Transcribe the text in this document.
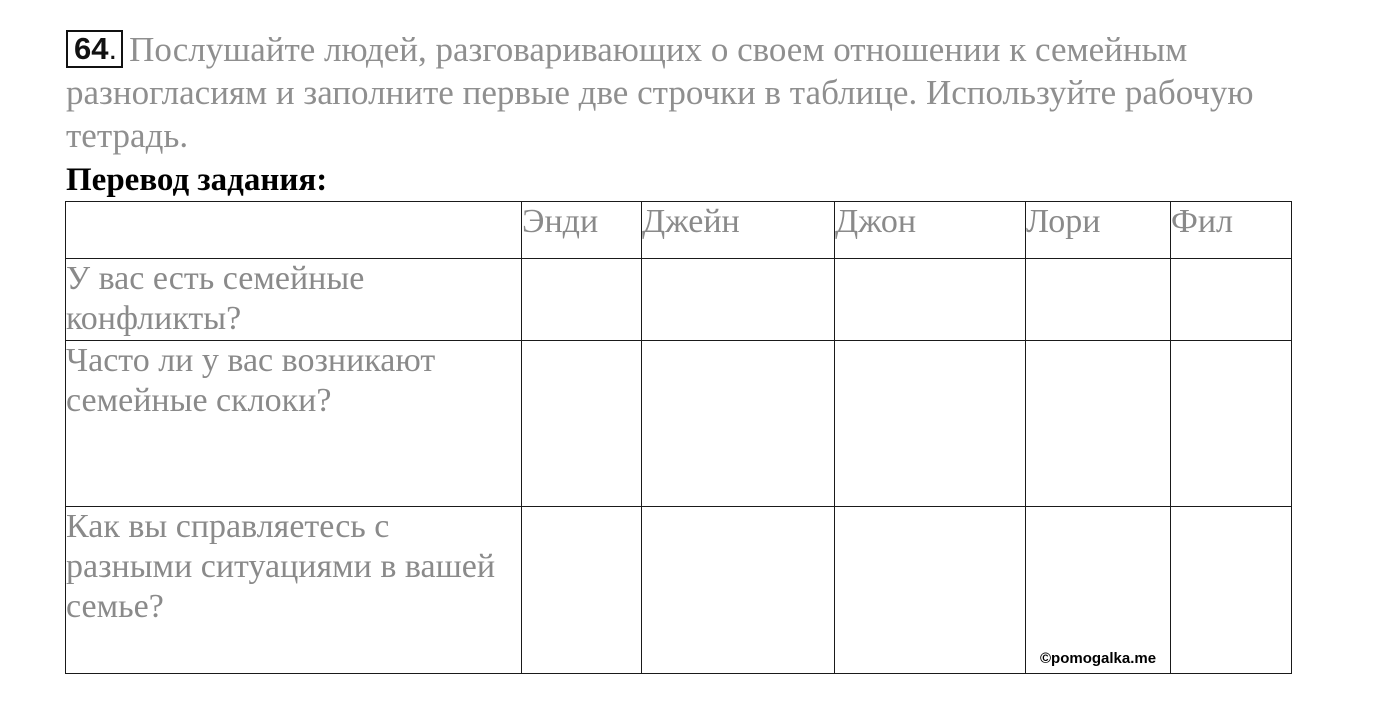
64. Послушайте людей, разговаривающих о своем отношении к семейным разногласиям и заполните первые две строчки в таблице. Используйте рабочую тетрадь.
Перевод задания:
	Энди	Джейн	Джон	Лори	Фил
У вас есть семейные конфликты?					
Часто ли у вас возникают семейные склоки?					
Как вы справляетесь с разными ситуациями в вашей семье?					
©pomogalka.me
